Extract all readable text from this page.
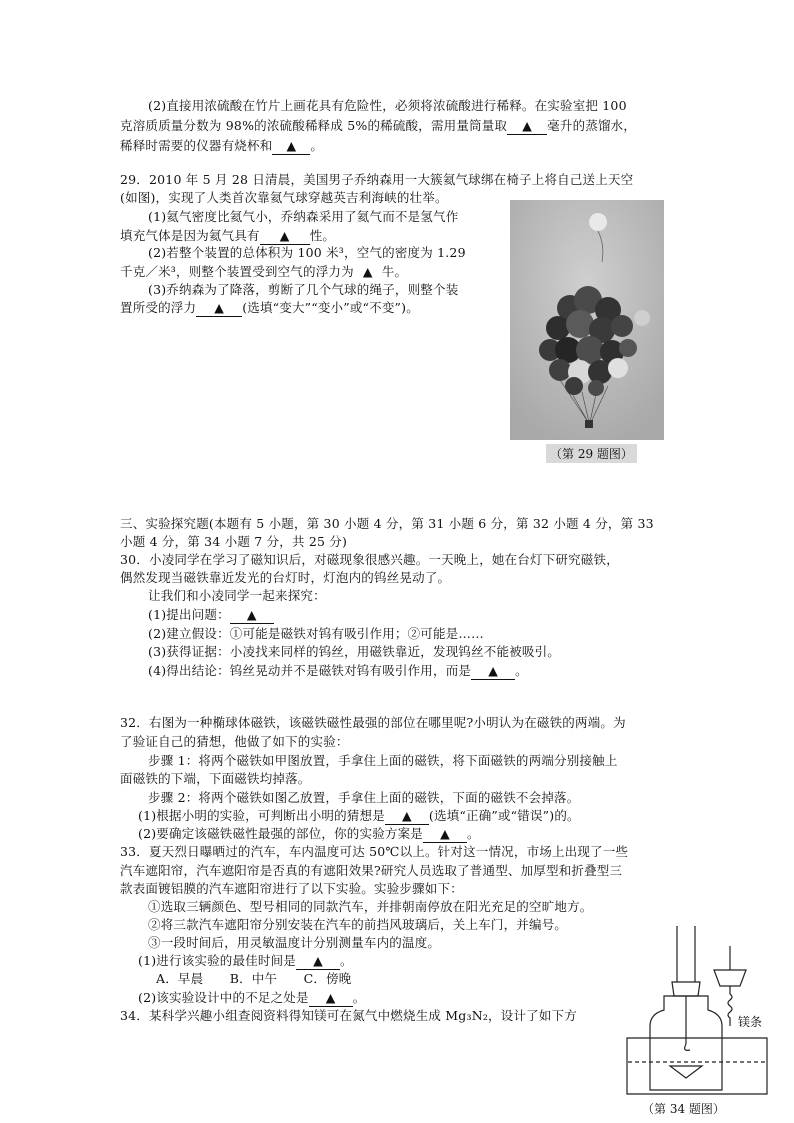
(2)直接用浓硫酸在竹片上画花具有危险性，必须将浓硫酸进行稀释。在实验室把 100
克溶质质量分数为 98%的浓硫酸稀释成 5%的稀硫酸，需用量筒量取 ▲ 毫升的蒸馏水，
稀释时需要的仪器有烧杯和 ▲ 。
29．2010 年 5 月 28 日清晨，美国男子乔纳森用一大簇氦气球绑在椅子上将自己送上天空
(如图)，实现了人类首次靠氦气球穿越英吉利海峡的壮举。
(1)氦气密度比氦气小，乔纳森采用了氦气而不是氢气作
填充气体是因为氦气具有 ▲ 性。
(2)若整个装置的总体积为 100 米³，空气的密度为 1.29
千克／米³，则整个装置受到空气的浮力为 ▲ 牛。
(3)乔纳森为了降落，剪断了几个气球的绳子，则整个装
置所受的浮力 ▲ (选填“变大”“变小”或“不变”)。
（第 29 题图）
三、实验探究题(本题有 5 小题，第 30 小题 4 分，第 31 小题 6 分，第 32 小题 4 分，第 33
小题 4 分，第 34 小题 7 分，共 25 分)
30．小凌同学在学习了磁知识后，对磁现象很感兴趣。一天晚上，她在台灯下研究磁铁，
偶然发现当磁铁靠近发光的台灯时，灯泡内的钨丝晃动了。
让我们和小凌同学一起来探究：
(1)提出问题： ▲
(2)建立假设：①可能是磁铁对钨有吸引作用；②可能是……
(3)获得证据：小凌找来同样的钨丝，用磁铁靠近，发现钨丝不能被吸引。
(4)得出结论：钨丝晃动并不是磁铁对钨有吸引作用，而是 ▲ 。
32．右图为一种椭球体磁铁，该磁铁磁性最强的部位在哪里呢?小明认为在磁铁的两端。为
了验证自己的猜想，他做了如下的实验：
步骤 1：将两个磁铁如甲图放置，手拿住上面的磁铁，将下面磁铁的两端分别接触上
面磁铁的下端，下面磁铁均掉落。
步骤 2：将两个磁铁如图乙放置，手拿住上面的磁铁，下面的磁铁不会掉落。
(1)根据小明的实验，可判断出小明的猜想是 ▲ (选填“正确”或“错误”)的。
(2)要确定该磁铁磁性最强的部位，你的实验方案是 ▲ 。
33．夏天烈日曝晒过的汽车，车内温度可达 50℃以上。针对这一情况，市场上出现了一些
汽车遮阳帘，汽车遮阳帘是否真的有遮阳效果?研究人员选取了普通型、加厚型和折叠型三
款表面镀铝膜的汽车遮阳帘进行了以下实验。实验步骤如下：
①选取三辆颜色、型号相同的同款汽车，并排朝南停放在阳光充足的空旷地方。
②将三款汽车遮阳帘分别安装在汽车的前挡风玻璃后，关上车门，并编号。
③一段时间后，用灵敏温度计分别测量车内的温度。
(1)进行该实验的最佳时间是 ▲ 。
A．早晨 B．中午 C．傍晚
(2)该实验设计中的不足之处是 ▲ 。
34．某科学兴趣小组查阅资料得知镁可在氮气中燃烧生成 Mg₃N₂，设计了如下方	镁条
（第 34 题图）
